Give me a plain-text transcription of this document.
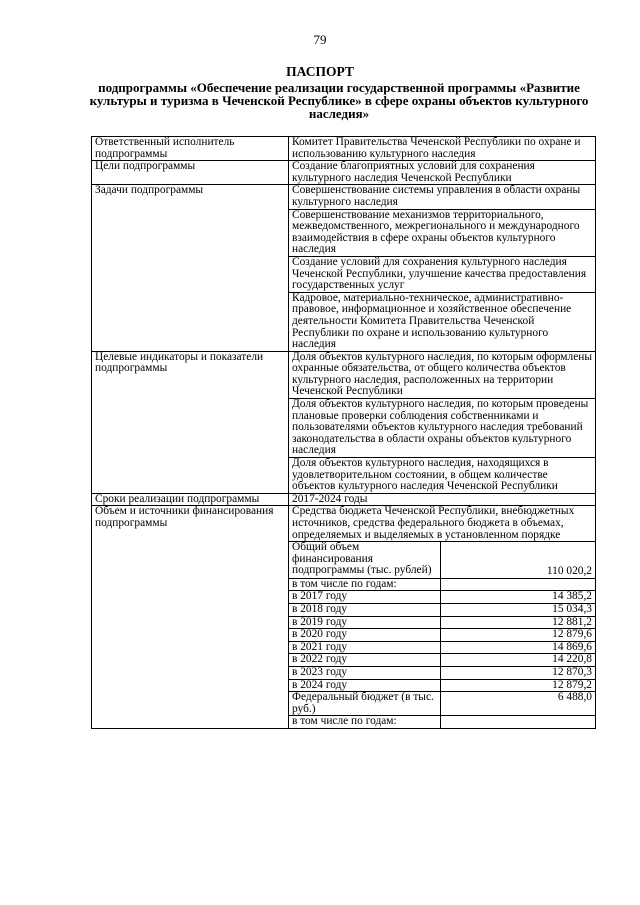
79
ПАСПОРТ
подпрограммы «Обеспечение реализации государственной программы «Развитие культуры и туризма в Чеченской Республике» в сфере охраны объектов культурного наследия»
Ответственный исполнитель подпрограммы	Комитет Правительства Чеченской Республики по охране и использованию культурного наследия	
Цели подпрограммы	Создание благоприятных условий для сохранения культурного наследия Чеченской Республики	
Задачи подпрограммы	Совершенствование системы управления в области охраны культурного наследия	
	Совершенствование механизмов территориального, межведомственного, межрегионального и международного взаимодействия в сфере охраны объектов культурного наследия	
	Создание условий для сохранения культурного наследия Чеченской Республики, улучшение качества предоставления государственных услуг	
	Кадровое, материально-техническое, административно-правовое, информационное и хозяйственное обеспечение деятельности Комитета Правительства Чеченской Республики по охране и использованию культурного наследия	
Целевые индикаторы и показатели подпрограммы	Доля объектов культурного наследия, по которым оформлены охранные обязательства, от общего количества объектов культурного наследия, расположенных на территории Чеченской Республики	
	Доля объектов культурного наследия, по которым проведены плановые проверки соблюдения собственниками и пользователями объектов культурного наследия требований законодательства в области охраны объектов культурного наследия	
	Доля объектов культурного наследия, находящихся в удовлетворительном состоянии, в общем количестве объектов культурного наследия Чеченской Республики	
Сроки реализации подпрограммы	2017-2024 годы	
Объем и источники финансирования подпрограммы	Средства бюджета Чеченской Республики, внебюджетных источников, средства федерального бюджета в объемах, определяемых и выделяемых в установленном порядке	
	Общий объем финансирования подпрограммы (тыс. рублей)	110 020,2
	в том числе по годам:	
	в 2017 году	14 385,2
	в 2018 году	15 034,3
	в 2019 году	12 881,2
	в 2020 году	12 879,6
	в 2021 году	14 869,6
	в 2022 году	14 220,8
	в 2023 году	12 870,3
	в 2024 году	12 879,2
	Федеральный бюджет (в тыс. руб.)	6 488,0
	в том числе по годам:	
